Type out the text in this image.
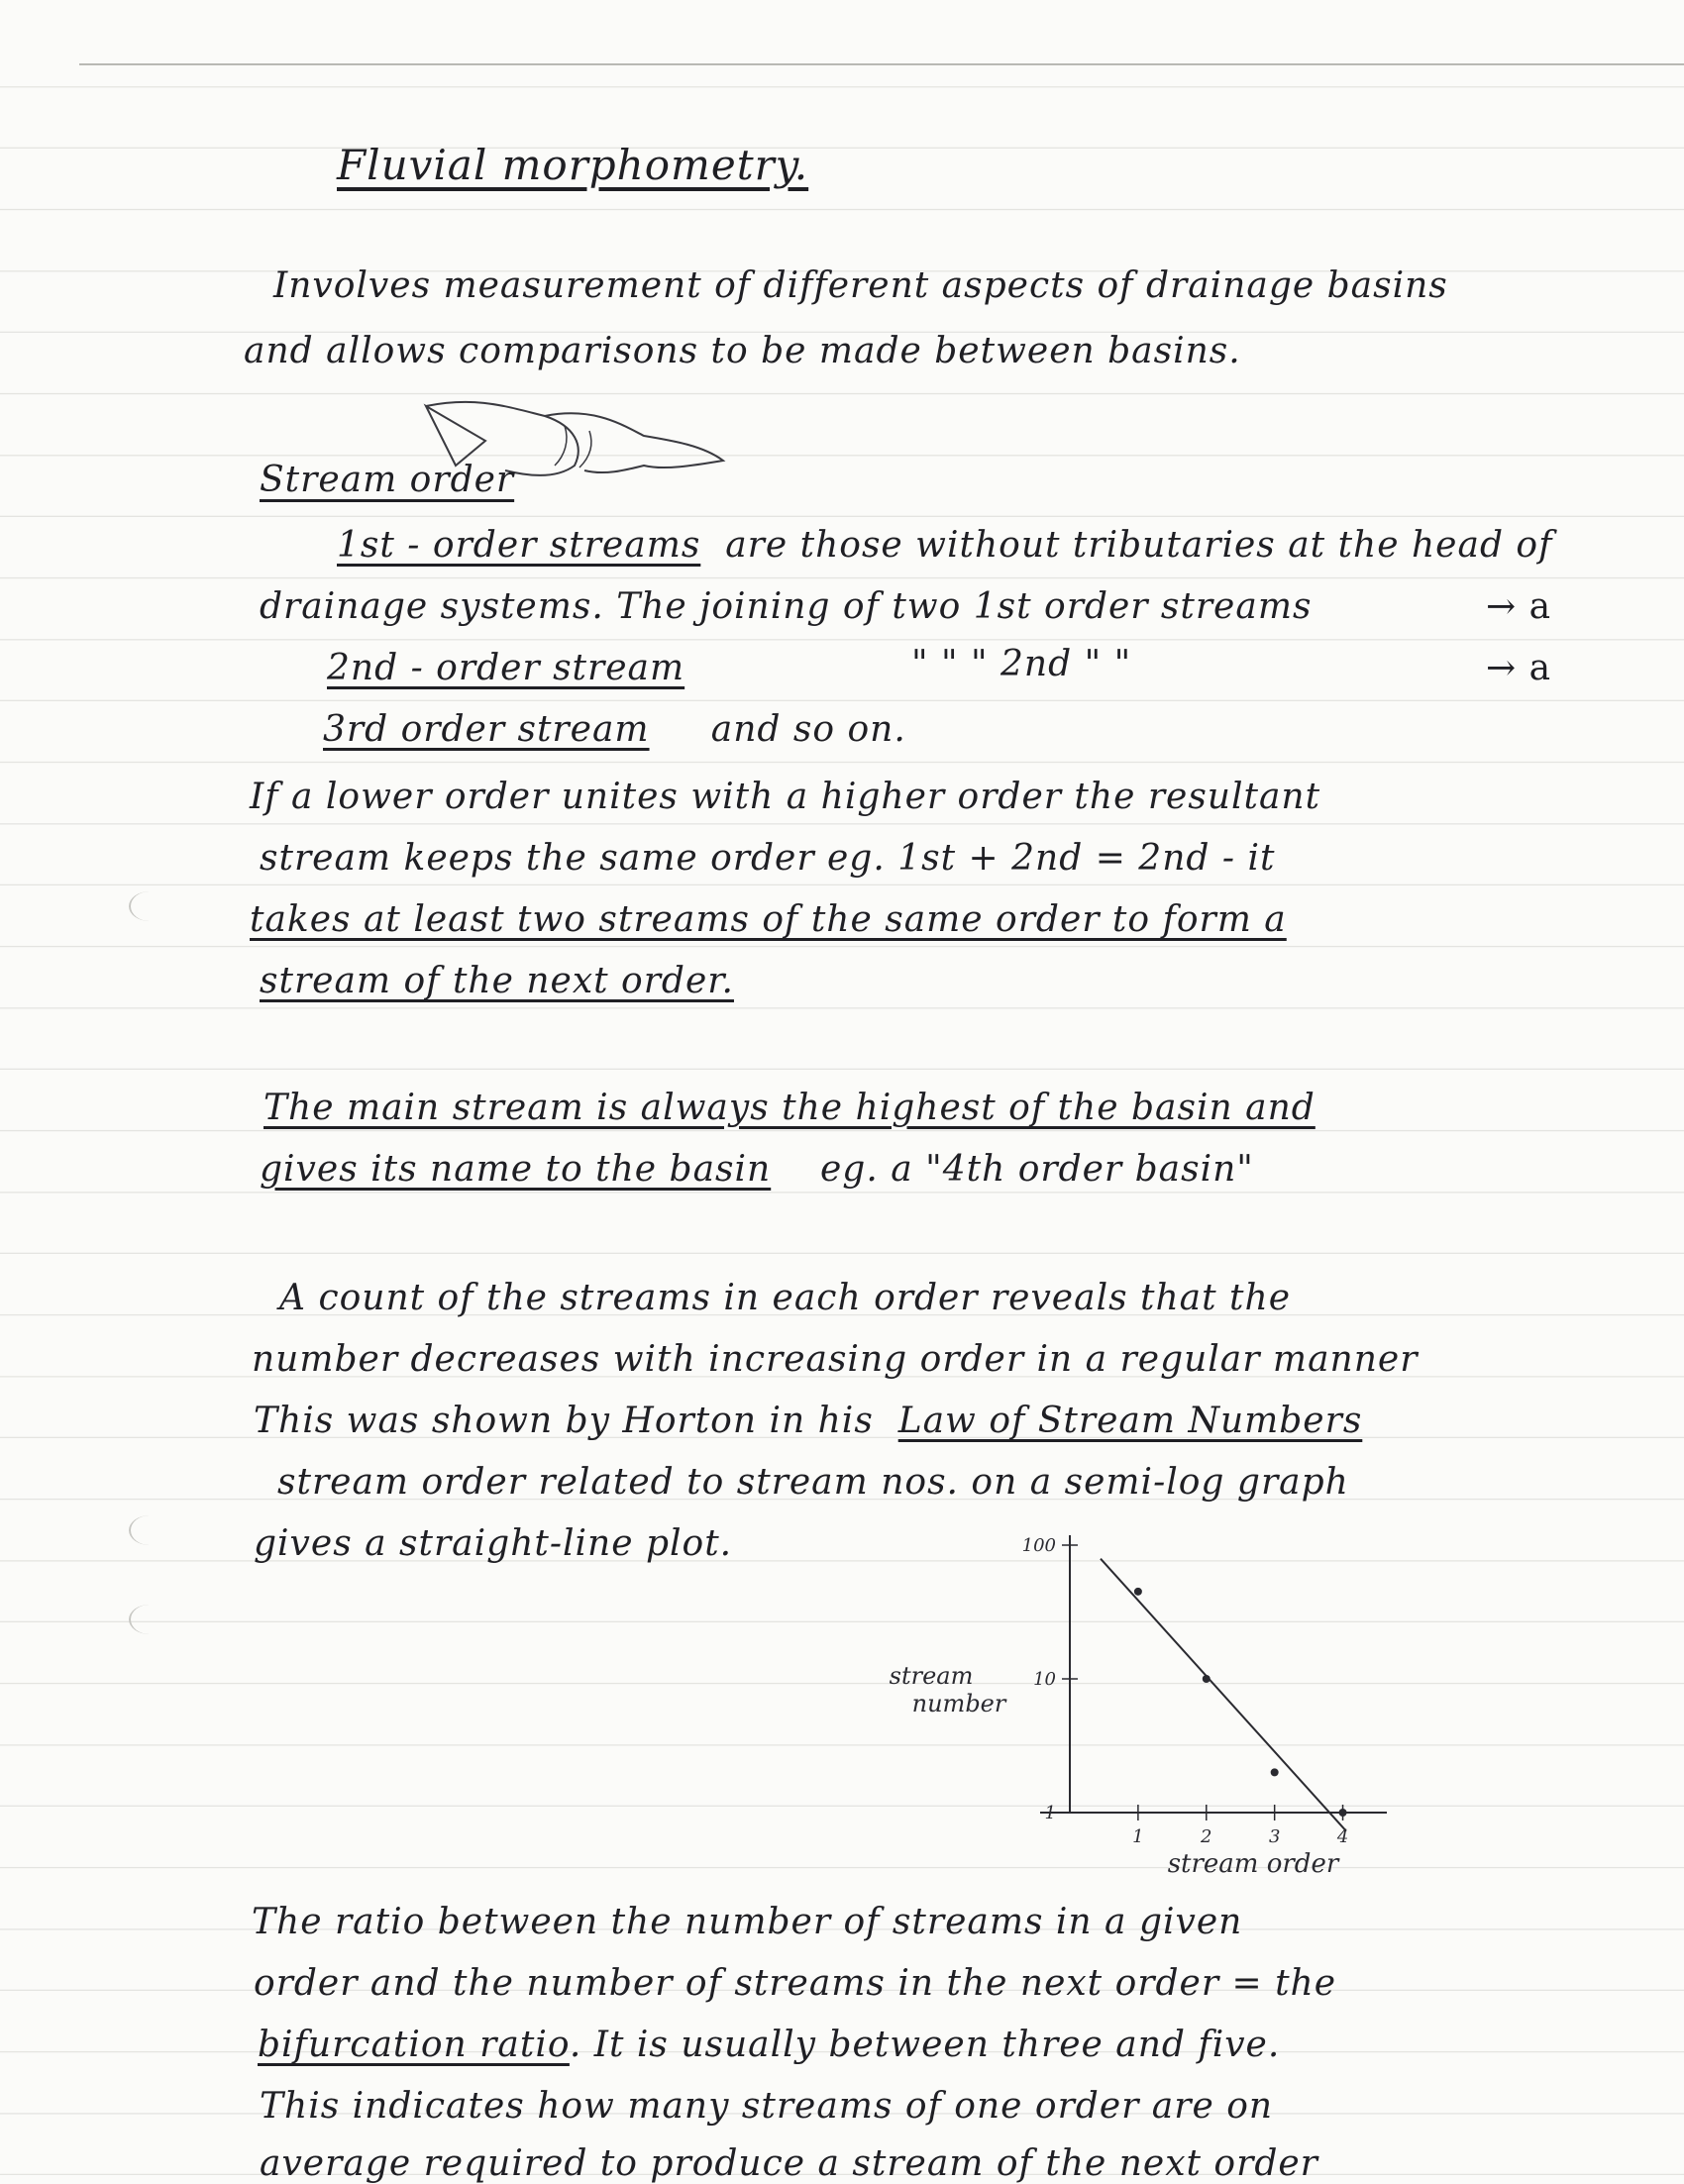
Fluvial morphometry.
Involves measurement of different aspects of drainage basins
and allows comparisons to be made between basins.
Stream order
1st - order streams are those without tributaries at the head of
drainage systems. The joining of two 1st order streams	→ a
2nd - order stream	" " " 2nd " "	→ a
3rd order stream and so on.
If a lower order unites with a higher order the resultant
stream keeps the same order eg. 1st + 2nd = 2nd - it
takes at least two streams of the same order to form a
stream of the next order.
The main stream is always the highest of the basin and
gives its name to the basin eg. a "4th order basin"
A count of the streams in each order reveals that the
number decreases with increasing order in a regular manner
This was shown by Horton in his Law of Stream Numbers
stream order related to stream nos. on a semi-log graph
gives a straight-line plot.
1
10
100
1	2	3	4
stream
number
stream order
The ratio between the number of streams in a given
order and the number of streams in the next order = the
bifurcation ratio. It is usually between three and five.
This indicates how many streams of one order are on
average required to produce a stream of the next order
